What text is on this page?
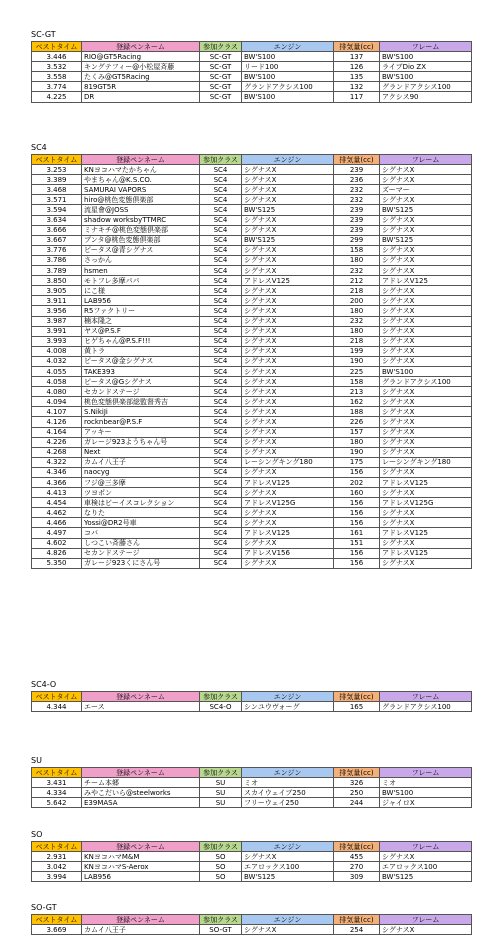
SC-GT
ベストタイム	登録ペンネーム	参加クラス	エンジン	排気量(cc)	フレーム
3.446	RIO@GT5Racing	SC-GT	BW'S100	137	BW'S100
3.532	キングテフィー@小松屋斉藤	SC-GT	リード100	126	ライブDio ZX
3.558	たくみ@GT5Racing	SC-GT	BW'S100	135	BW'S100
3.774	819GT5R	SC-GT	グランドアクシス100	132	グランドアクシス100
4.225	DR	SC-GT	BW'S100	117	アクシス90
SC4
ベストタイム	登録ペンネーム	参加クラス	エンジン	排気量(cc)	フレーム
3.253	KNヨコハマたかちゃん	SC4	シグナスX	239	シグナスX
3.389	やまちゃん@K.S.CO.	SC4	シグナスX	236	シグナスX
3.468	SAMURAI VAPORS	SC4	シグナスX	232	ズーマー
3.571	hiro@桃色変態倶楽部	SC4	シグナスX	232	シグナスX
3.594	流星會@JOSS	SC4	BW'S125	239	BW'S125
3.634	shadow worksbyTTMRC	SC4	シグナスX	239	シグナスX
3.666	ミナキチ@桃色変態倶楽部	SC4	シグナスX	239	シグナスX
3.667	ブンタ@桃色変態倶楽部	SC4	BW'S125	299	BW'S125
3.776	ピータス@青シグナス	SC4	シグナスX	158	シグナスX
3.786	さっかん	SC4	シグナスX	180	シグナスX
3.789	hsmen	SC4	シグナスX	232	シグナスX
3.850	モトフレ多摩パパ	SC4	アドレスV125	212	アドレスV125
3.905	にこ様	SC4	シグナスX	218	シグナスX
3.911	LAB956	SC4	シグナスX	200	シグナスX
3.956	R5ファクトリー	SC4	シグナスX	180	シグナスX
3.987	楠本隆之	SC4	シグナスX	232	シグナスX
3.991	ヤス@P.S.F	SC4	シグナスX	180	シグナスX
3.993	ヒゲちゃん@P.S.F!!!	SC4	シグナスX	218	シグナスX
4.008	黄トラ	SC4	シグナスX	199	シグナスX
4.032	ピータス@金シグナス	SC4	シグナスX	190	シグナスX
4.055	TAKE393	SC4	シグナスX	225	BW'S100
4.058	ピータス@Gシグナス	SC4	シグナスX	158	グランドアクシス100
4.080	セカンドステージ	SC4	シグナスX	213	シグナスX
4.094	桃色変態倶楽部総監督秀吉	SC4	シグナスX	162	シグナスX
4.107	S.NikiJi	SC4	シグナスX	188	シグナスX
4.126	rocknbear@P.S.F	SC4	シグナスX	226	シグナスX
4.164	アッキー	SC4	シグナスX	157	シグナスX
4.226	ガレージ923ようちゃん号	SC4	シグナスX	180	シグナスX
4.268	Next	SC4	シグナスX	190	シグナスX
4.322	カムイ八王子	SC4	レーシングキング180	175	レーシングキング180
4.346	naocyg	SC4	シグナスX	156	シグナスX
4.366	フジ@三多摩	SC4	アドレスV125	202	アドレスV125
4.413	ツヨポン	SC4	シグナスX	160	シグナスX
4.454	車検はビーイスコレクション	SC4	アドレスV125G	156	アドレスV125G
4.462	なりた	SC4	シグナスX	156	シグナスX
4.466	Yossi@DR2号車	SC4	シグナスX	156	シグナスX
4.497	コバ	SC4	アドレスV125	161	アドレスV125
4.602	しつこい斉藤さん	SC4	シグナスX	151	シグナスX
4.826	セカンドステージ	SC4	アドレスV156	156	アドレスV125
5.350	ガレージ923くにさん号	SC4	シグナスX	156	シグナスX
SC4-O
ベストタイム	登録ペンネーム	参加クラス	エンジン	排気量(cc)	フレーム
4.344	エース	SC4-O	シンユウヴォーグ	165	グランドアクシス100
SU
ベストタイム	登録ペンネーム	参加クラス	エンジン	排気量(cc)	フレーム
3.431	チーム本郷	SU	ミオ	326	ミオ
4.334	みやこだいら@steelworks	SU	スカイウェイブ250	250	BW'S100
5.642	E39MASA	SU	フリーウェイ250	244	ジャイロX
SO
ベストタイム	登録ペンネーム	参加クラス	エンジン	排気量(cc)	フレーム
2.931	KNヨコハマM&M	SO	シグナスX	455	シグナスX
3.042	KNヨコハマS-Aerox	SO	エアロックス100	270	エアロックス100
3.994	LAB956	SO	BW'S125	309	BW'S125
SO-GT
ベストタイム	登録ペンネーム	参加クラス	エンジン	排気量(cc)	フレーム
3.669	カムイ八王子	SO-GT	シグナスX	254	シグナスX
